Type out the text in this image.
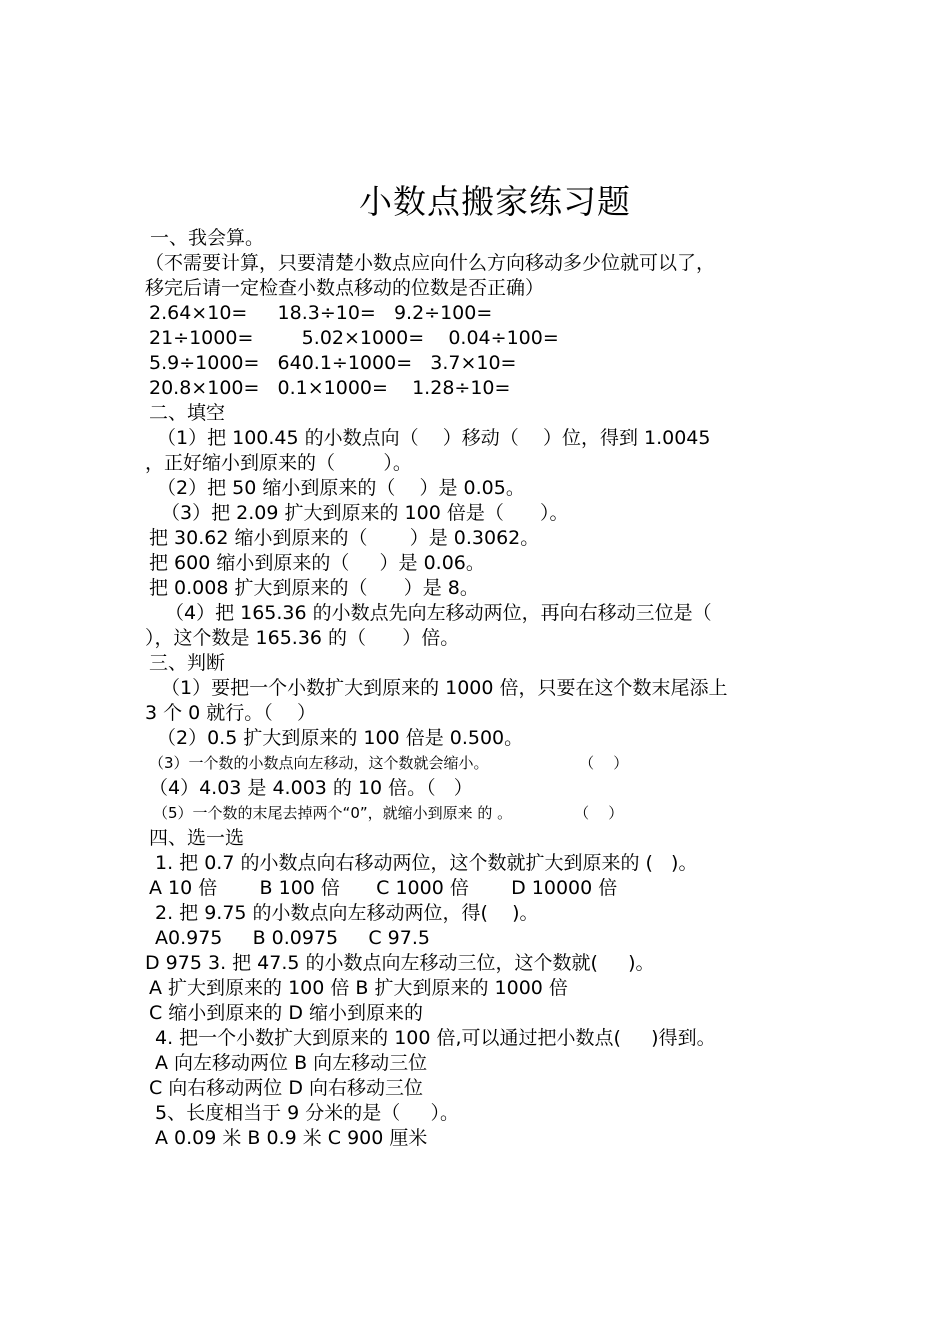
小数点搬家练习题
一、我会算。
（不需要计算，只要清楚小数点应向什么方向移动多少位就可以了，
移完后请一定检查小数点移动的位数是否正确）
2.64×10=     18.3÷10=   9.2÷100=
21÷1000=        5.02×1000=    0.04÷100=
5.9÷1000=   640.1÷1000=   3.7×10=
20.8×100=   0.1×1000=    1.28÷10=
二、填空
（1）把 100.45 的小数点向（    ）移动（    ）位，得到 1.0045
，正好缩小到原来的（        ）。
（2）把 50 缩小到原来的（    ）是 0.05。
（3）把 2.09 扩大到原来的 100 倍是（      ）。
把 30.62 缩小到原来的（       ）是 0.3062。
把 600 缩小到原来的（     ）是 0.06。
把 0.008 扩大到原来的（      ）是 8。
（4）把 165.36 的小数点先向左移动两位，再向右移动三位是（
），这个数是 165.36 的（      ）倍。
三、判断
（1）要把一个小数扩大到原来的 1000 倍，只要在这个数末尾添上
3 个 0 就行。（    ）
（2）0.5 扩大到原来的 100 倍是 0.500。
（3）一个数的小数点向左移动，这个数就会缩小。                   （    ）
（4）4.03 是 4.003 的 10 倍。（   ）
（5）一个数的末尾去掉两个“0”，就缩小到原来 的 。             （    ）
四、选一选
1. 把 0.7 的小数点向右移动两位，这个数就扩大到原来的 (   )。
A 10 倍       B 100 倍      C 1000 倍       D 10000 倍
2. 把 9.75 的小数点向左移动两位，得(    )。
A0.975     B 0.0975     C 97.5
D 975 3. 把 47.5 的小数点向左移动三位，这个数就(     )。
A 扩大到原来的 100 倍 B 扩大到原来的 1000 倍
C 缩小到原来的 D 缩小到原来的
4. 把一个小数扩大到原来的 100 倍,可以通过把小数点(     )得到。
A 向左移动两位 B 向左移动三位
C 向右移动两位 D 向右移动三位
5、长度相当于 9 分米的是（     ）。
A 0.09 米 B 0.9 米 C 900 厘米
